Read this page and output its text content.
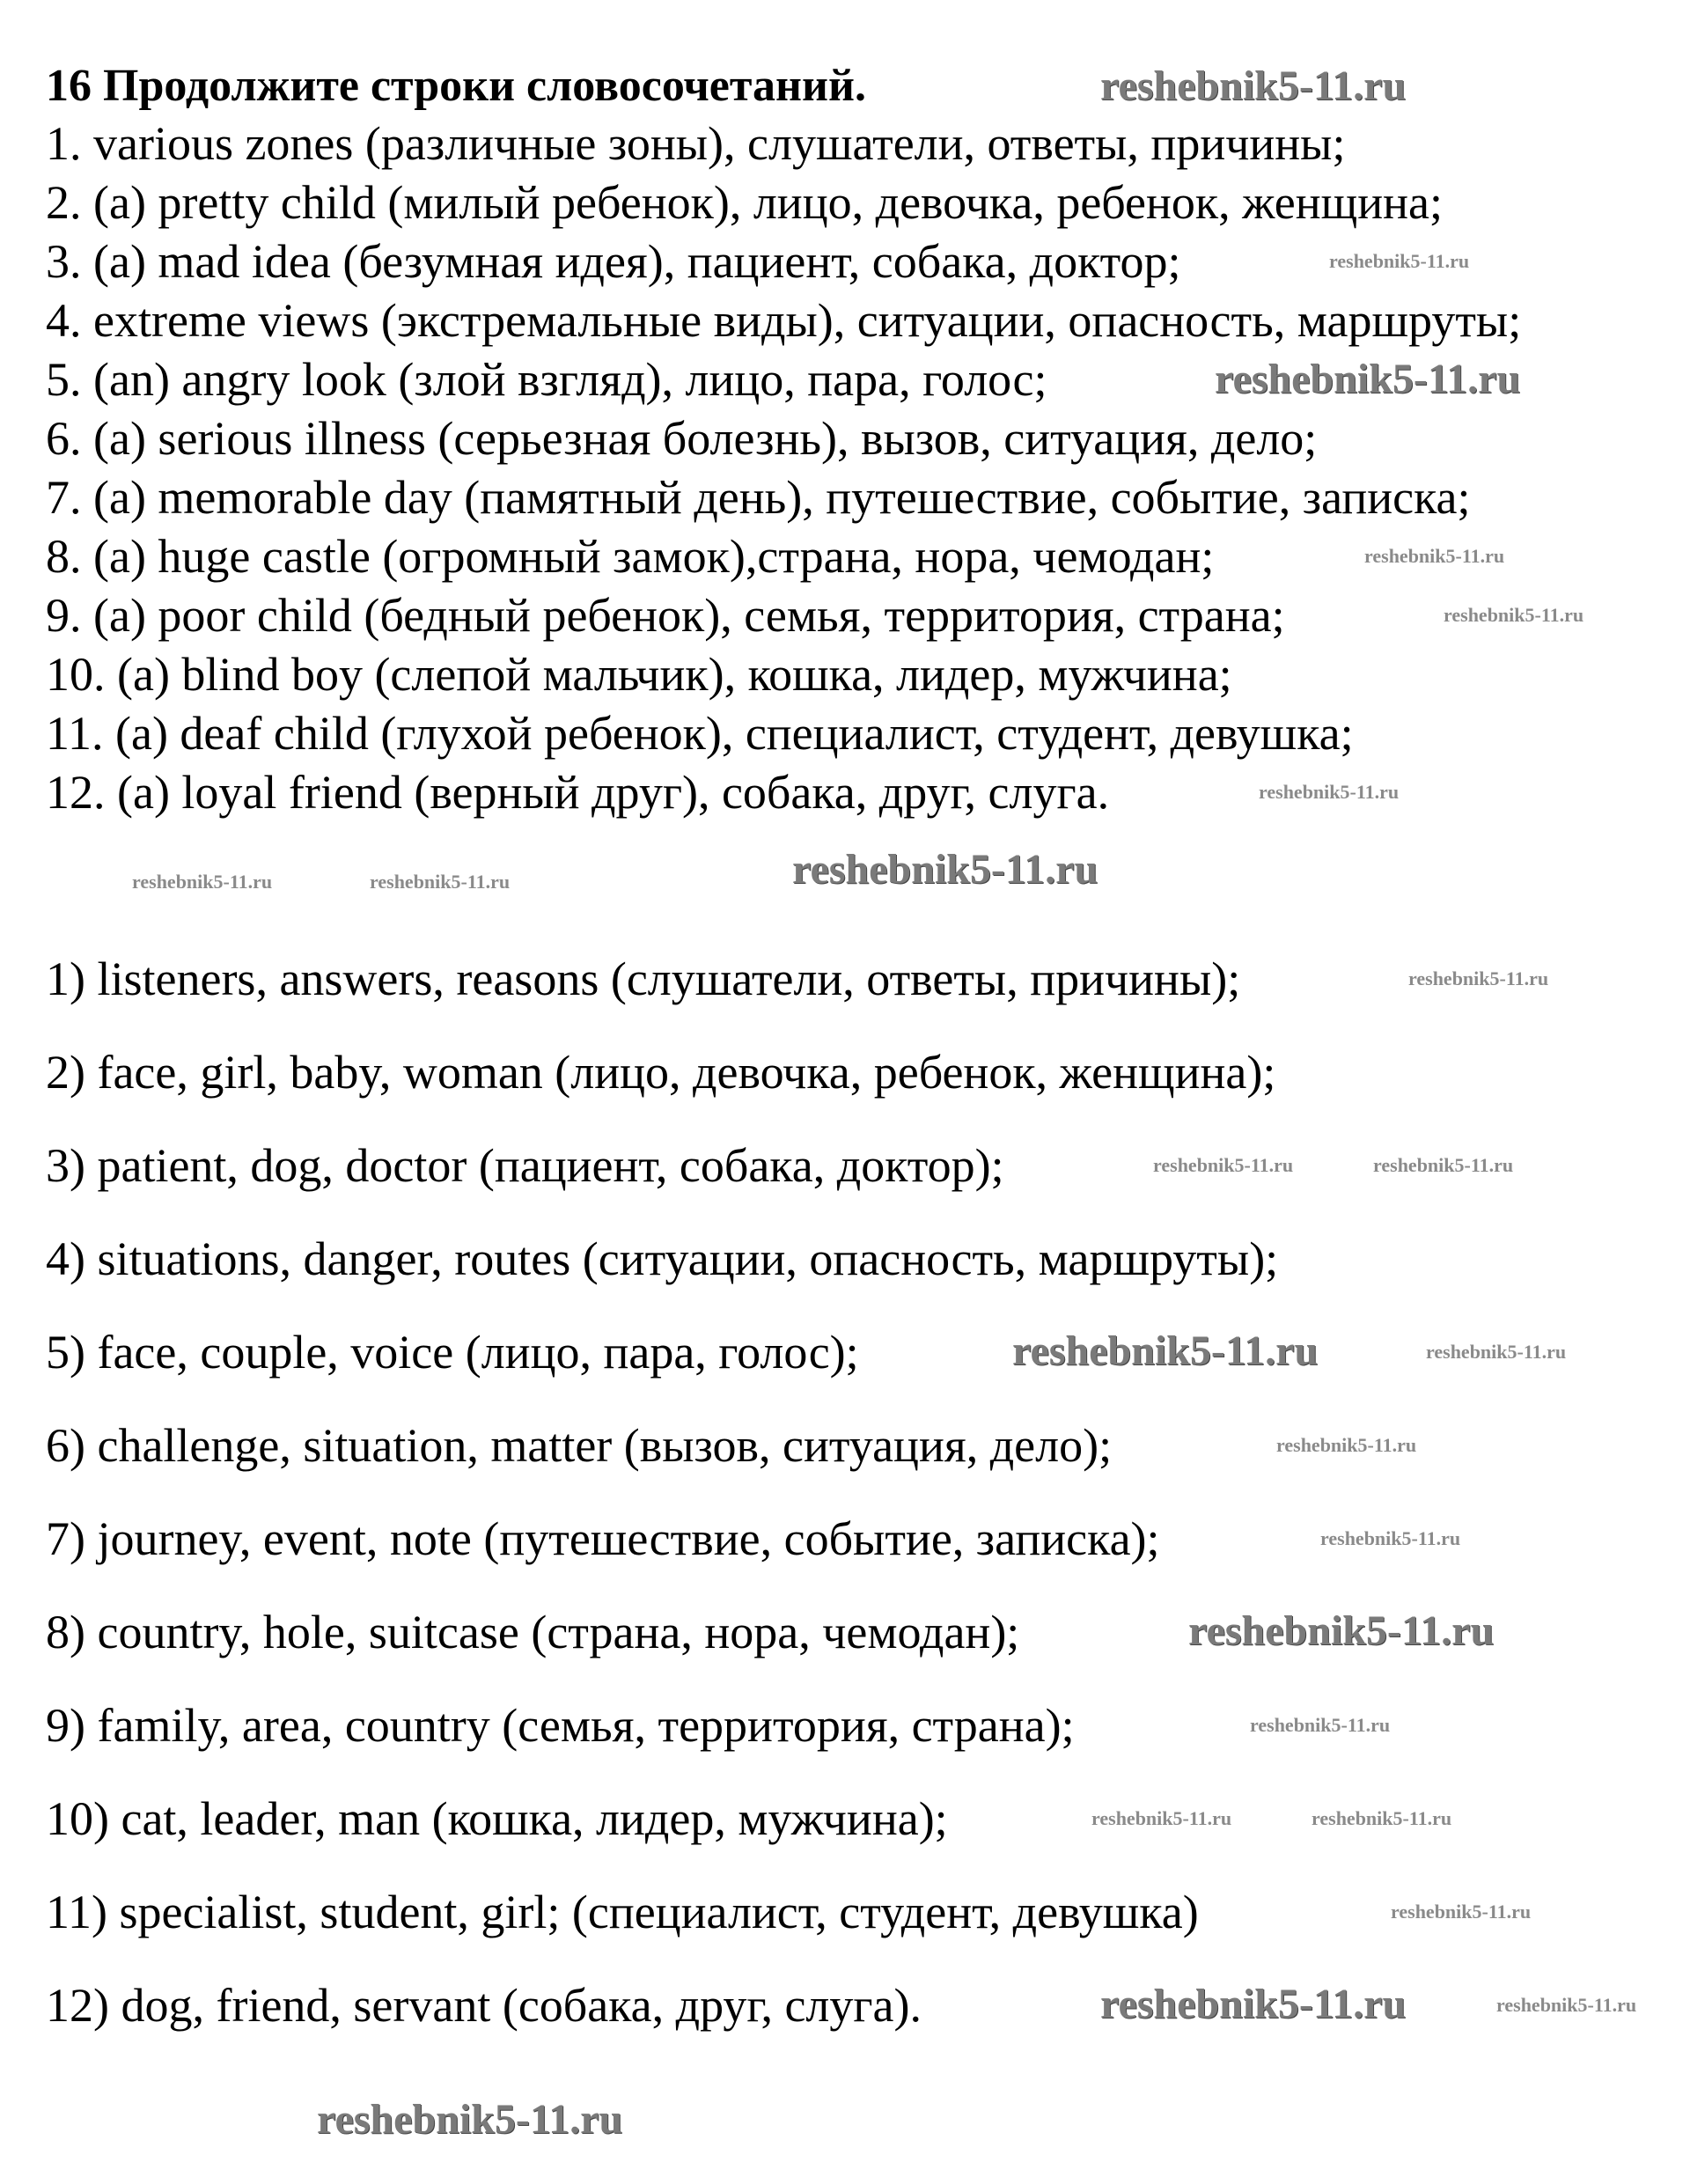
16 Продолжите строки словосочетаний.
1. various zones (различные зоны), слушатели, ответы, причины;
2. (a) pretty child (милый ребенок), лицо, девочка, ребенок, женщина;
3. (a) mad idea (безумная идея), пациент, собака, доктор;
4. extreme views (экстремальные виды), ситуации, опасность, маршруты;
5. (an) angry look (злой взгляд), лицо, пара, голос;
6. (a) serious illness (серьезная болезнь), вызов, ситуация, дело;
7. (a) memorable day (памятный день), путешествие, событие, записка;
8. (a) huge castle (огромный замок),страна, нора, чемодан;
9. (a) poor child (бедный ребенок), семья, территория, страна;
10. (a) blind boy (слепой мальчик), кошка, лидер, мужчина;
11. (a) deaf child (глухой ребенок), специалист, студент, девушка;
12. (a) loyal friend (верный друг), собака, друг, слуга.
1) listeners, answers, reasons (слушатели, ответы, причины);
2) face, girl, baby, woman (лицо, девочка, ребенок, женщина);
3) patient, dog, doctor (пациент, собака, доктор);
4) situations, danger, routes (ситуации, опасность, маршруты);
5) face, couple, voice (лицо, пара, голос);
6) challenge, situation, matter (вызов, ситуация, дело);
7) journey, event, note (путешествие, событие, записка);
8) country, hole, suitcase (страна, нора, чемодан);
9) family, area, country (семья, территория, страна);
10) cat, leader, man (кошка, лидер, мужчина);
11) specialist, student, girl; (специалист, студент, девушка)
12) dog, friend, servant (собака, друг, слуга).
reshebnik5-11.ru
reshebnik5-11.ru
reshebnik5-11.ru
reshebnik5-11.ru
reshebnik5-11.ru
reshebnik5-11.ru
reshebnik5-11.ru
reshebnik5-11.ru
reshebnik5-11.ru
reshebnik5-11.ru
reshebnik5-11.ru
reshebnik5-11.ru	reshebnik5-11.ru
reshebnik5-11.ru
reshebnik5-11.ru	reshebnik5-11.ru
reshebnik5-11.ru
reshebnik5-11.ru
reshebnik5-11.ru
reshebnik5-11.ru
reshebnik5-11.ru	reshebnik5-11.ru
reshebnik5-11.ru
reshebnik5-11.ru
